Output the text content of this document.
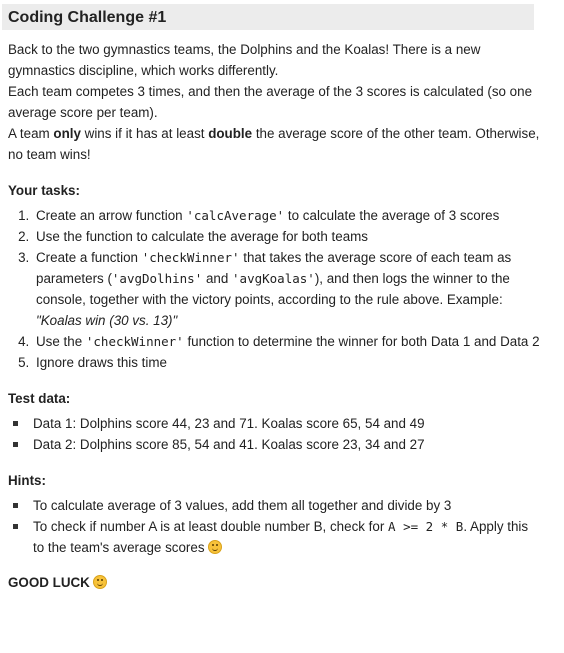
Coding Challenge #1

Back to the two gymnastics teams, the Dolphins and the Koalas! There is a new gymnastics discipline, which works differently.

Each team competes 3 times, and then the average of the 3 scores is calculated (so one average score per team).

A team only wins if it has at least double the average score of the other team. Otherwise, no team wins!

Your tasks:
1. Create an arrow function 'calcAverage' to calculate the average of 3 scores
2. Use the function to calculate the average for both teams
3. Create a function 'checkWinner' that takes the average score of each team as parameters ('avgDolhins' and 'avgKoalas'), and then logs the winner to the console, together with the victory points, according to the rule above. Example: "Koalas win (30 vs. 13)"
4. Use the 'checkWinner' function to determine the winner for both Data 1 and Data 2
5. Ignore draws this time
Test data:
Data 1: Dolphins score 44, 23 and 71. Koalas score 65, 54 and 49
Data 2: Dolphins score 85, 54 and 41. Koalas score 23, 34 and 27
Hints:
To calculate average of 3 values, add them all together and divide by 3
To check if number A is at least double number B, check for A >= 2 * B. Apply this to the team's average scores
GOOD LUCK
